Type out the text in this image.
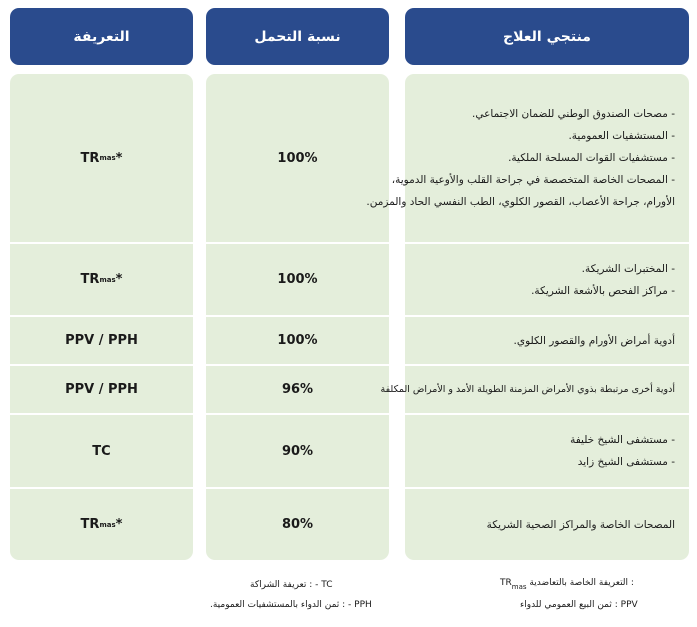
التعريفة	نسبة التحمل	منتجي العلاج
TR mas *
TR mas *
PPV / PPH
PPV / PPH
TC
TR mas *
100%
100%
100%
96%
90%
80%
- مصحات الصندوق الوطني للضمان الاجتماعي.
- المستشفيات العمومية.
- مستشفيات القوات المسلحة الملكية.
- المصحات الخاصة المتخصصة في جراحة القلب والأوعية الدموية،
الأورام، جراحة الأعصاب، القصور الكلوي، الطب النفسي الحاد والمزمن.
- المختبرات الشريكة.
- مراكز الفحص بالأشعة الشريكة.
أدوية أمراض الأورام والقصور الكلوي.
أدوية أخرى مرتبطة بذوي الأمراض المزمنة الطويلة الأمد و الأمراض المكلفة
- مستشفى الشيخ خليفة
- مستشفى الشيخ زايد
المصحات الخاصة والمراكز الصحية الشريكة
: التعريفة الخاصة بالتعاضدية $TR_{mas}$
PPV : ثمن البيع العمومي للدواء
TC - : تعريفة الشراكة
PPH - : ثمن الدواء بالمستشفيات العمومية.
